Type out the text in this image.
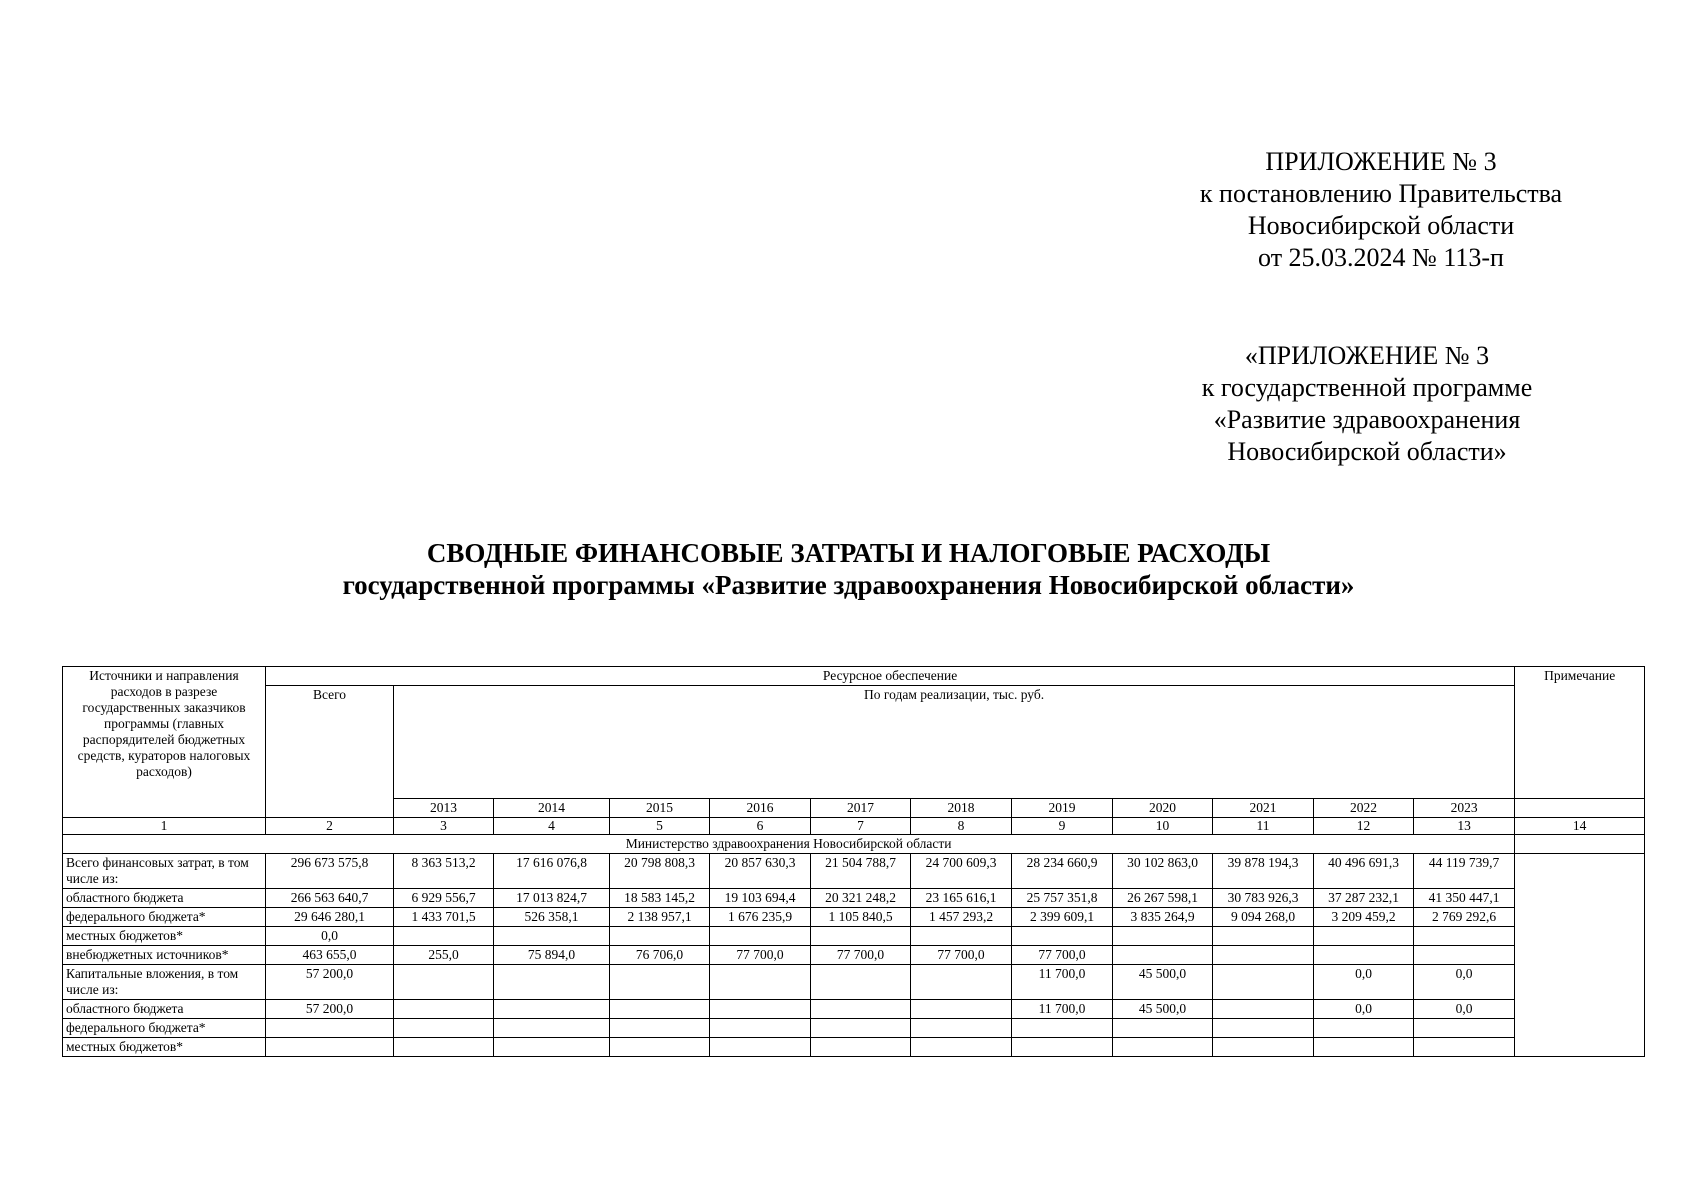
ПРИЛОЖЕНИЕ № 3
к постановлению Правительства
Новосибирской области
от 25.03.2024 № 113-п
«ПРИЛОЖЕНИЕ № 3
к государственной программе
«Развитие здравоохранения
Новосибирской области»
СВОДНЫЕ ФИНАНСОВЫЕ ЗАТРАТЫ И НАЛОГОВЫЕ РАСХОДЫ
государственной программы «Развитие здравоохранения Новосибирской области»
Источники и направления расходов в разрезе государственных заказчиков программы (главных распорядителей бюджетных средств, кураторов налоговых расходов)	Ресурсное обеспечение												Примечание
	Всего	По годам реализации, тыс. руб.											
		2013	2014	2015	2016	2017	2018	2019	2020	2021	2022	2023	
1	2	3	4	5	6	7	8	9	10	11	12	13	14
Министерство здравоохранения Новосибирской области													
Всего финансовых затрат, в том числе из:	296 673 575,8	8 363 513,2	17 616 076,8	20 798 808,3	20 857 630,3	21 504 788,7	24 700 609,3	28 234 660,9	30 102 863,0	39 878 194,3	40 496 691,3	44 119 739,7	
областного бюджета	266 563 640,7	6 929 556,7	17 013 824,7	18 583 145,2	19 103 694,4	20 321 248,2	23 165 616,1	25 757 351,8	26 267 598,1	30 783 926,3	37 287 232,1	41 350 447,1	
федерального бюджета*	29 646 280,1	1 433 701,5	526 358,1	2 138 957,1	1 676 235,9	1 105 840,5	1 457 293,2	2 399 609,1	3 835 264,9	9 094 268,0	3 209 459,2	2 769 292,6	
местных бюджетов*	0,0												
внебюджетных источников*	463 655,0	255,0	75 894,0	76 706,0	77 700,0	77 700,0	77 700,0	77 700,0					
Капитальные вложения, в том числе из:	57 200,0							11 700,0	45 500,0		0,0	0,0	
областного бюджета	57 200,0							11 700,0	45 500,0		0,0	0,0	
федерального бюджета*													
местных бюджетов*													
